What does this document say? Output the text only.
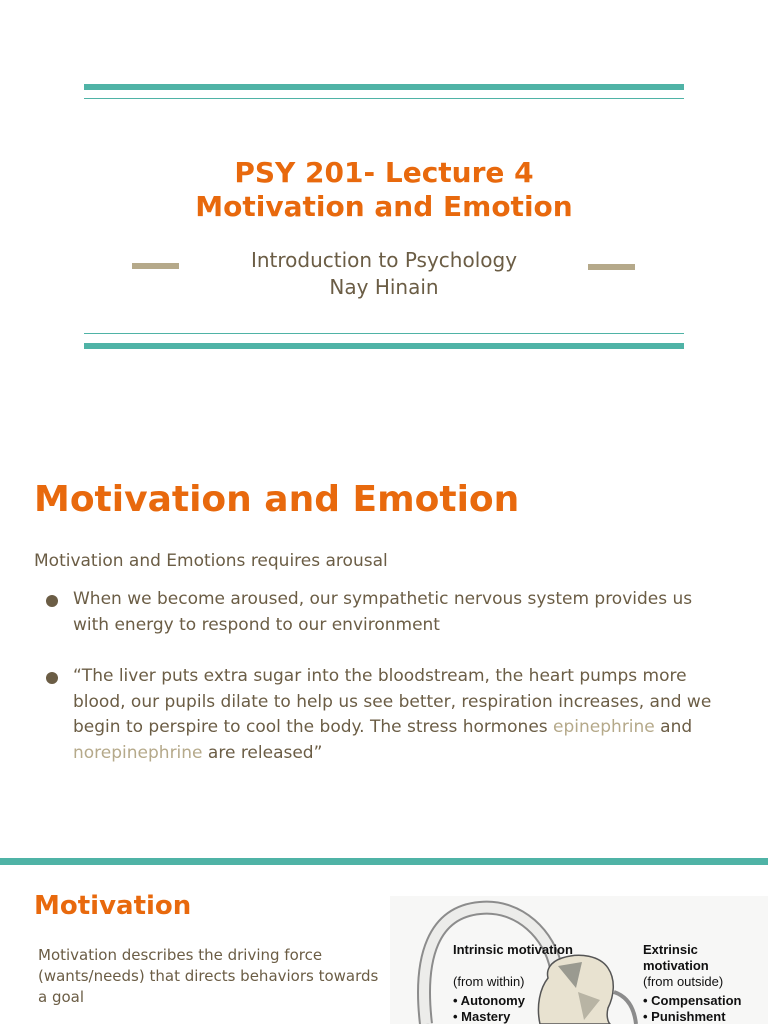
PSY 201- Lecture 4
Motivation and Emotion
Introduction to Psychology
Nay Hinain
Motivation and Emotion
Motivation and Emotions requires arousal
When we become aroused, our sympathetic nervous system provides us with energy to respond to our environment
“The liver puts extra sugar into the bloodstream, the heart pumps more blood, our pupils dilate to help us see better, respiration increases, and we begin to perspire to cool the body. The stress hormones epinephrine and norepinephrine are released”
Motivation
Motivation describes the driving force (wants/needs) that directs behaviors towards a goal
Intrinsic motivation
(from within)
• Autonomy
• Mastery
Extrinsic motivation
(from outside)
• Compensation
• Punishment
